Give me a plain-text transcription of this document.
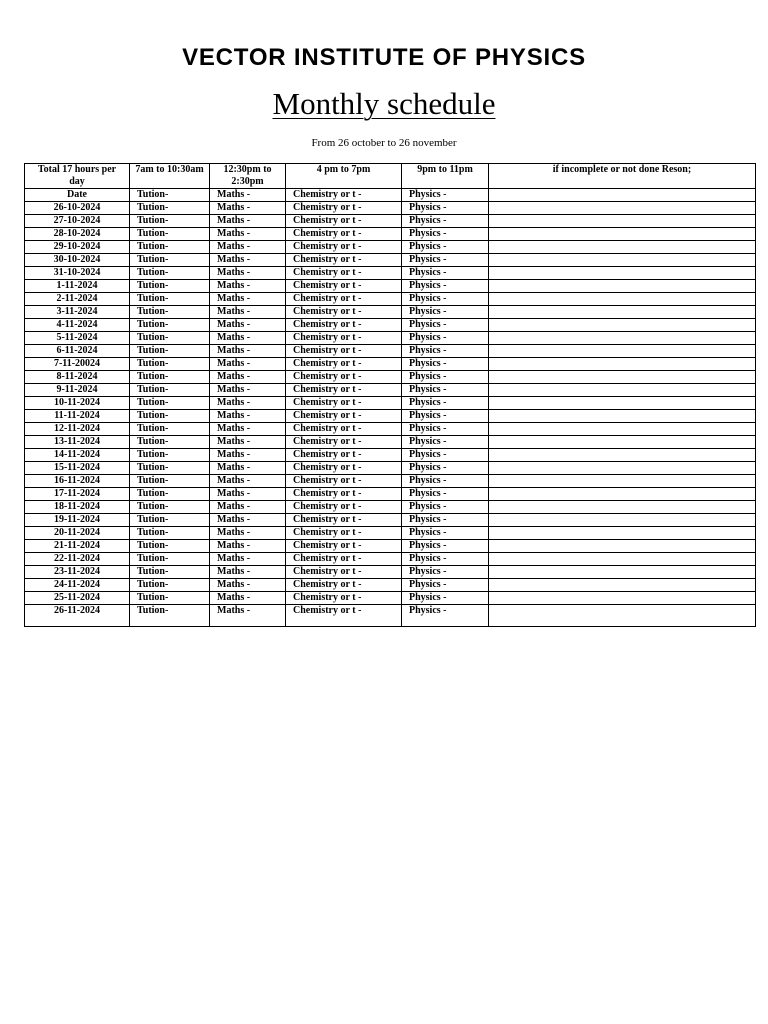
VECTOR INSTITUTE OF PHYSICS
Monthly schedule
From 26 october to 26 november
Total 17 hours per day	7am to 10:30am	12:30pm to 2:30pm	4 pm to 7pm	9pm to 11pm	if incomplete or not done Reson;
Date	Tution-	Maths -	Chemistry or t -	Physics -	
26-10-2024	Tution-	Maths -	Chemistry or t -	Physics -	
27-10-2024	Tution-	Maths -	Chemistry or t -	Physics -	
28-10-2024	Tution-	Maths -	Chemistry or t -	Physics -	
29-10-2024	Tution-	Maths -	Chemistry or t -	Physics -	
30-10-2024	Tution-	Maths -	Chemistry or t -	Physics -	
31-10-2024	Tution-	Maths -	Chemistry or t -	Physics -	
1-11-2024	Tution-	Maths -	Chemistry or t -	Physics -	
2-11-2024	Tution-	Maths -	Chemistry or t -	Physics -	
3-11-2024	Tution-	Maths -	Chemistry or t -	Physics -	
4-11-2024	Tution-	Maths -	Chemistry or t -	Physics -	
5-11-2024	Tution-	Maths -	Chemistry or t -	Physics -	
6-11-2024	Tution-	Maths -	Chemistry or t -	Physics -	
7-11-20024	Tution-	Maths -	Chemistry or t -	Physics -	
8-11-2024	Tution-	Maths -	Chemistry or t -	Physics -	
9-11-2024	Tution-	Maths -	Chemistry or t -	Physics -	
10-11-2024	Tution-	Maths -	Chemistry or t -	Physics -	
11-11-2024	Tution-	Maths -	Chemistry or t -	Physics -	
12-11-2024	Tution-	Maths -	Chemistry or t -	Physics -	
13-11-2024	Tution-	Maths -	Chemistry or t -	Physics -	
14-11-2024	Tution-	Maths -	Chemistry or t -	Physics -	
15-11-2024	Tution-	Maths -	Chemistry or t -	Physics -	
16-11-2024	Tution-	Maths -	Chemistry or t -	Physics -	
17-11-2024	Tution-	Maths -	Chemistry or t -	Physics -	
18-11-2024	Tution-	Maths -	Chemistry or t -	Physics -	
19-11-2024	Tution-	Maths -	Chemistry or t -	Physics -	
20-11-2024	Tution-	Maths -	Chemistry or t -	Physics -	
21-11-2024	Tution-	Maths -	Chemistry or t -	Physics -	
22-11-2024	Tution-	Maths -	Chemistry or t -	Physics -	
23-11-2024	Tution-	Maths -	Chemistry or t -	Physics -	
24-11-2024	Tution-	Maths -	Chemistry or t -	Physics -	
25-11-2024	Tution-	Maths -	Chemistry or t -	Physics -	
26-11-2024	Tution-	Maths -	Chemistry or t -	Physics -	
